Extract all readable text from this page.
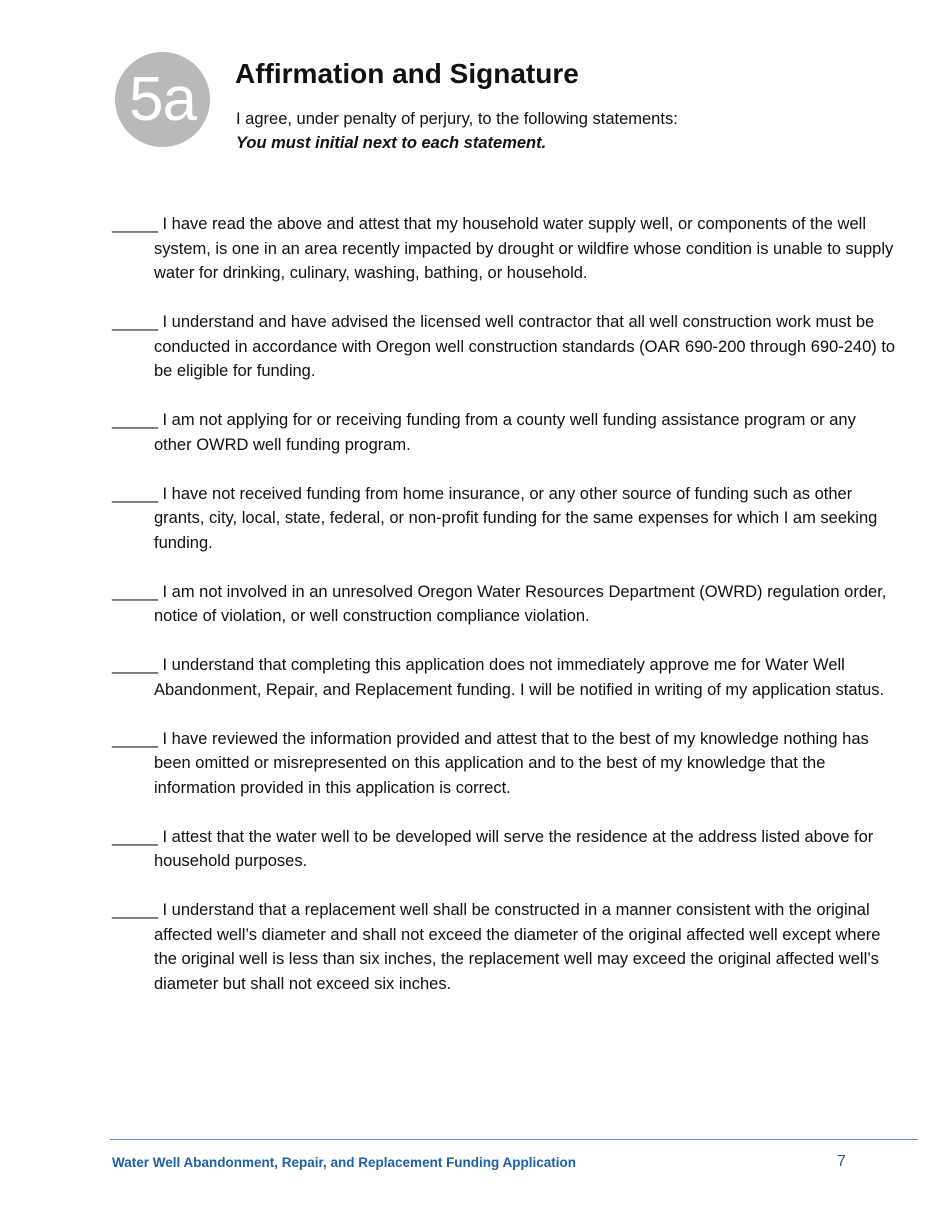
5a	Affirmation and Signature
I agree, under penalty of perjury, to the following statements:
You must initial next to each statement.
_____ I have read the above and attest that my household water supply well, or components of the well system, is one in an area recently impacted by drought or wildfire whose condition is unable to supply water for drinking, culinary, washing, bathing, or household.
_____ I understand and have advised the licensed well contractor that all well construction work must be conducted in accordance with Oregon well construction standards (OAR 690-200 through 690-240) to be eligible for funding.
_____ I am not applying for or receiving funding from a county well funding assistance program or any other OWRD well funding program.
_____ I have not received funding from home insurance, or any other source of funding such as other grants, city, local, state, federal, or non-profit funding for the same expenses for which I am seeking funding.
_____ I am not involved in an unresolved Oregon Water Resources Department (OWRD) regulation order, notice of violation, or well construction compliance violation.
_____ I understand that completing this application does not immediately approve me for Water Well Abandonment, Repair, and Replacement funding. I will be notified in writing of my application status.
_____ I have reviewed the information provided and attest that to the best of my knowledge nothing has been omitted or misrepresented on this application and to the best of my knowledge that the information provided in this application is correct.
_____ I attest that the water well to be developed will serve the residence at the address listed above for household purposes.
_____ I understand that a replacement well shall be constructed in a manner consistent with the original affected well’s diameter and shall not exceed the diameter of the original affected well except where the original well is less than six inches, the replacement well may exceed the original affected well’s diameter but shall not exceed six inches.
Water Well Abandonment, Repair, and Replacement Funding Application	7
